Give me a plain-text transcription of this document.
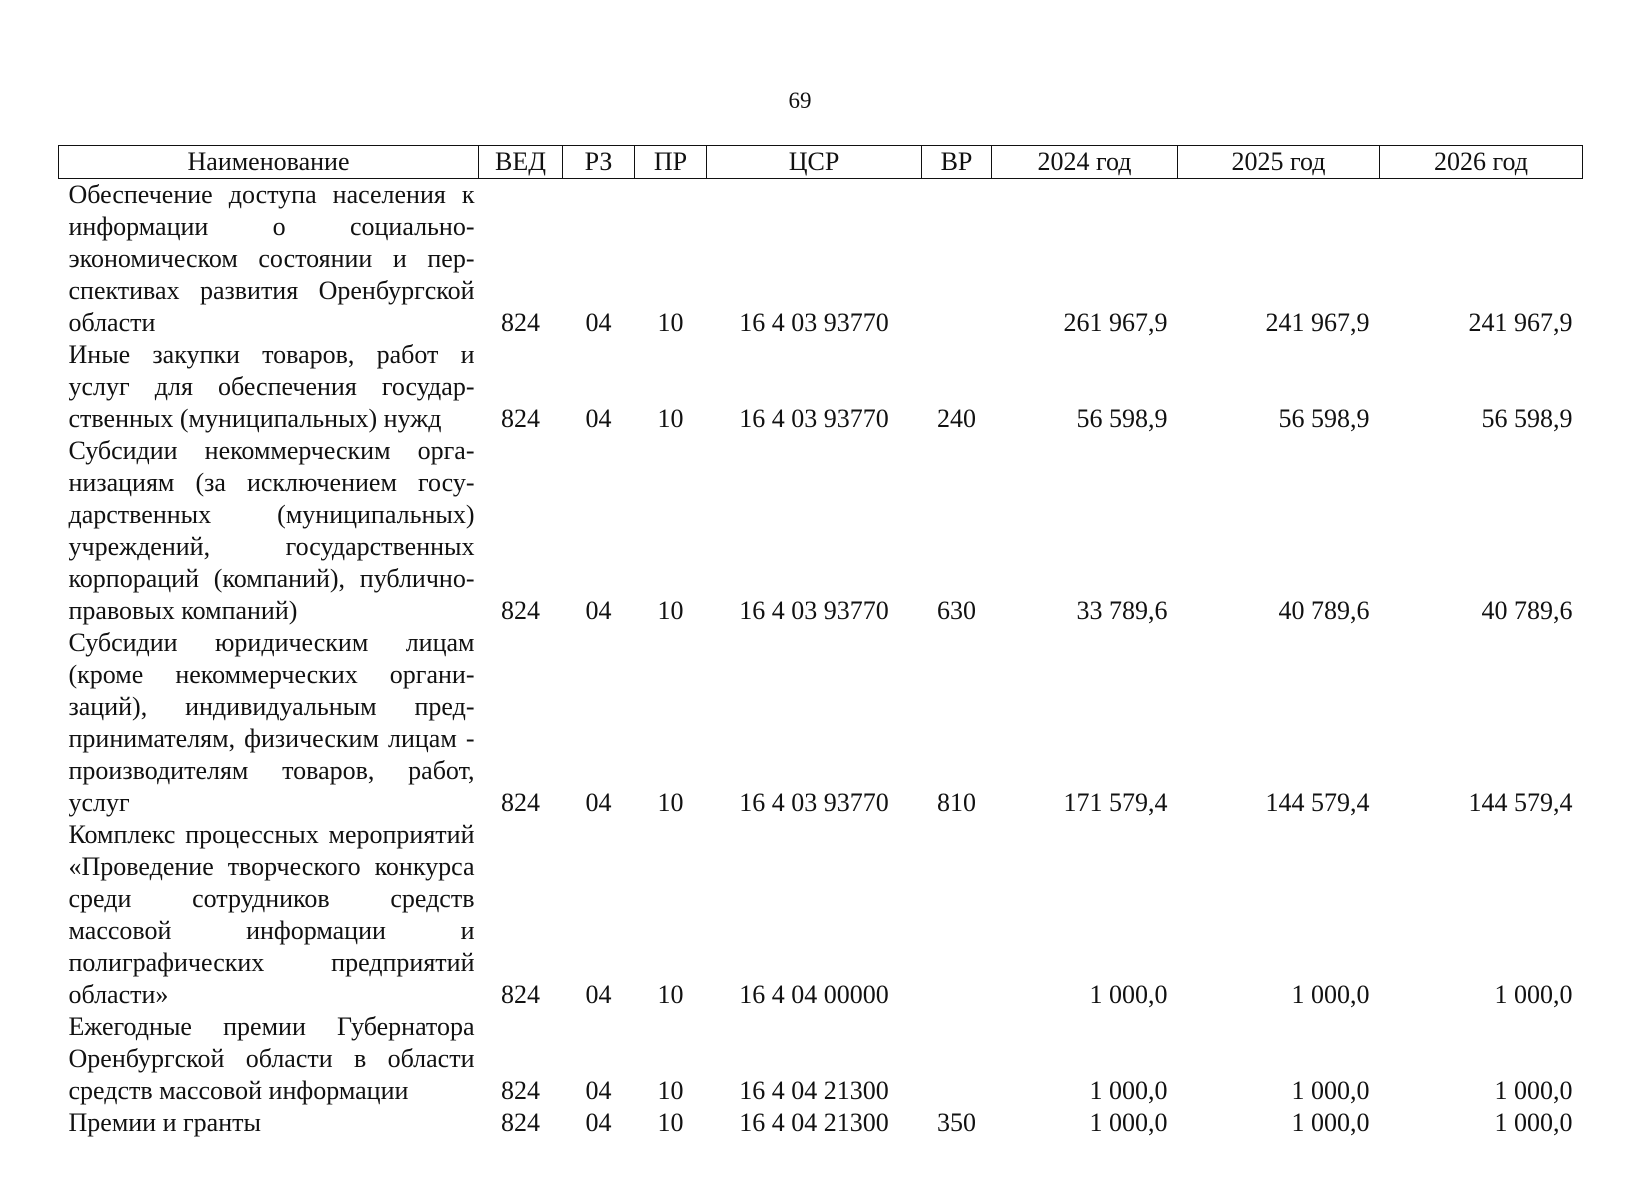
69
Наименование	ВЕД	РЗ	ПР	ЦСР	ВР	2024 год	2025 год	2026 год
Обеспечение доступа населения к информации о социально-экономическом состоянии и перспективах развития Оренбургской области	824	04	10	16 4 03 93770		261 967,9	241 967,9	241 967,9
Иные закупки товаров, работ и услуг для обеспечения государственных (муниципальных) нужд	824	04	10	16 4 03 93770	240	56 598,9	56 598,9	56 598,9
Субсидии некоммерческим организациям (за исключением государственных (муниципальных) учреждений, государственных корпораций (компаний), публично-правовых компаний)	824	04	10	16 4 03 93770	630	33 789,6	40 789,6	40 789,6
Субсидии юридическим лицам (кроме некоммерческих организаций), индивидуальным предпринимателям, физическим лицам - производителям товаров, работ, услуг	824	04	10	16 4 03 93770	810	171 579,4	144 579,4	144 579,4
Комплекс процессных мероприятий «Проведение творческого конкурса среди сотрудников средств массовой информации и полиграфических предприятий области»	824	04	10	16 4 04 00000		1 000,0	1 000,0	1 000,0
Ежегодные премии Губернатора Оренбургской области в области средств массовой информации	824	04	10	16 4 04 21300		1 000,0	1 000,0	1 000,0
Премии и гранты	824	04	10	16 4 04 21300	350	1 000,0	1 000,0	1 000,0
